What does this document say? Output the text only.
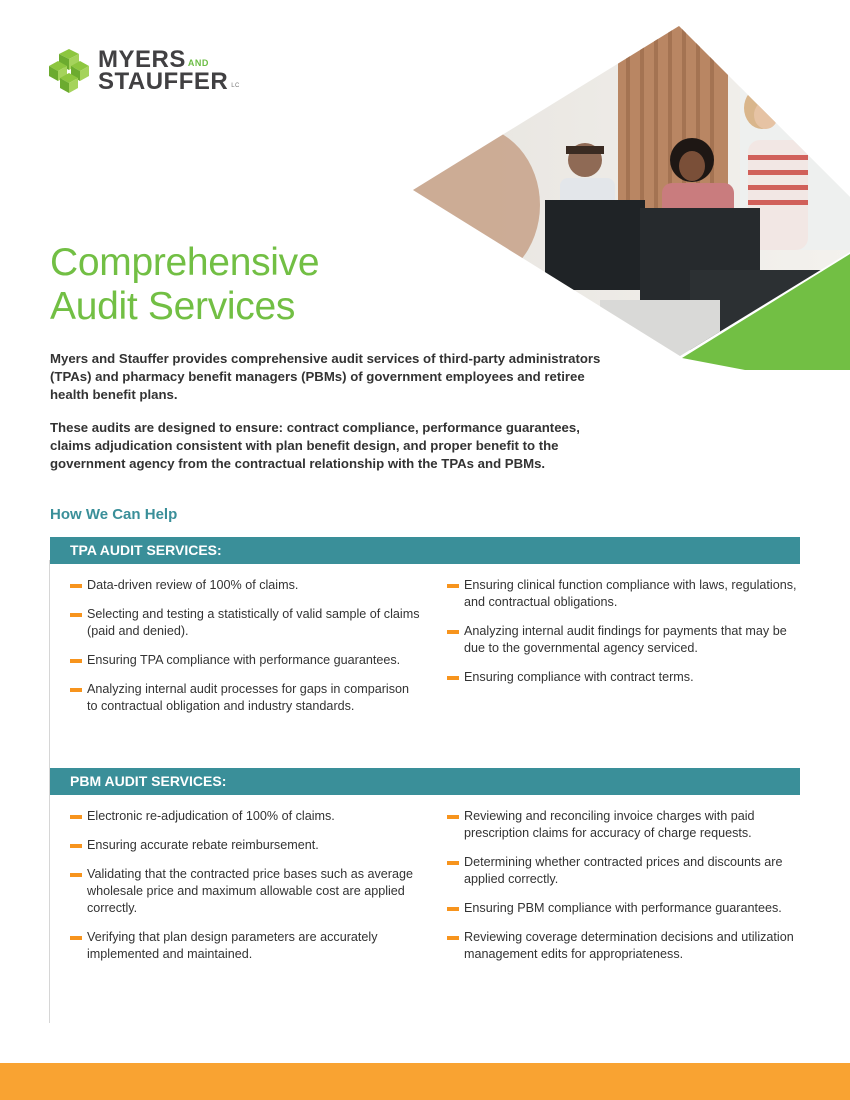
MYERS AND
STAUFFER LC
Comprehensive
Audit Services

Myers and Stauffer provides comprehensive audit services of third-party administrators (TPAs) and pharmacy benefit managers (PBMs) of government employees and retiree health benefit plans.

These audits are designed to ensure: contract compliance, performance guarantees, claims adjudication consistent with plan benefit design, and proper benefit to the government agency from the contractual relationship with the TPAs and PBMs.

How We Can Help
TPA AUDIT SERVICES:
Data-driven review of 100% of claims.
Selecting and testing a statistically of valid sample of claims (paid and denied).
Ensuring TPA compliance with performance guarantees.
Analyzing internal audit processes for gaps in comparison to contractual obligation and industry standards.
Ensuring clinical function compliance with laws, regulations, and contractual obligations.
Analyzing internal audit findings for payments that may be due to the governmental agency serviced.
Ensuring compliance with contract terms.
PBM AUDIT SERVICES:
Electronic re-adjudication of 100% of claims.
Ensuring accurate rebate reimbursement.
Validating that the contracted price bases such as average wholesale price and maximum allowable cost are applied correctly.
Verifying that plan design parameters are accurately implemented and maintained.
Reviewing and reconciling invoice charges with paid prescription claims for accuracy of charge requests.
Determining whether contracted prices and discounts are applied correctly.
Ensuring PBM compliance with performance guarantees.
Reviewing coverage determination decisions and utilization management edits for appropriateness.
